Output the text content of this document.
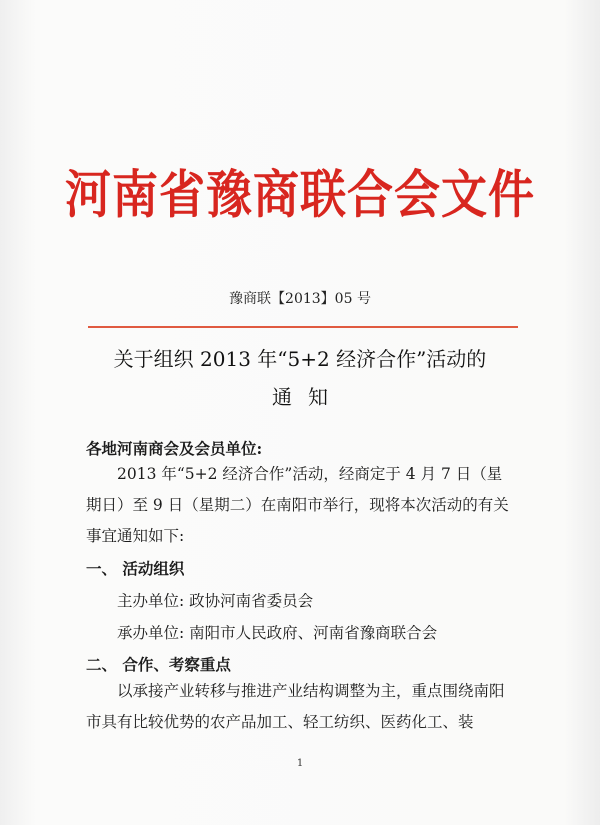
河南省豫商联合会文件
豫商联【2013】05 号
关于组织 2013 年“5+2 经济合作”活动的
通知
各地河南商会及会员单位:
2013 年“5+2 经济合作”活动，经商定于 4 月 7 日（星期日）至 9 日（星期二）在南阳市举行，现将本次活动的有关事宜通知如下:
一、 活动组织
主办单位: 政协河南省委员会
承办单位: 南阳市人民政府、河南省豫商联合会
二、 合作、考察重点
以承接产业转移与推进产业结构调整为主，重点围绕南阳市具有比较优势的农产品加工、轻工纺织、医药化工、装
1
